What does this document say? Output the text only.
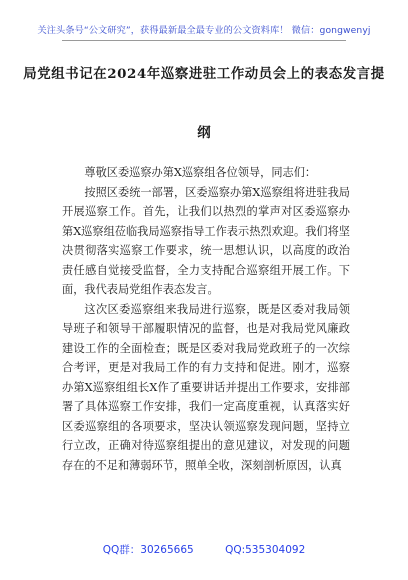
关注头条号“公文研究”，获得最新最全最专业的公文资料库！ 微信：gongwenyj
局党组书记在2024年巡察进驻工作动员会上的表态发言提
纲

尊敬区委巡察办第X巡察组各位领导，同志们：

按照区委统一部署，区委巡察办第X巡察组将进驻我局开展巡察工作。首先，让我们以热烈的掌声对区委巡察办第X巡察组莅临我局巡察指导工作表示热烈欢迎。我们将坚决贯彻落实巡察工作要求，统一思想认识，以高度的政治责任感自觉接受监督，全力支持配合巡察组开展工作。下面，我代表局党组作表态发言。

这次区委巡察组来我局进行巡察，既是区委对我局领导班子和领导干部履职情况的监督，也是对我局党风廉政建设工作的全面检查；既是区委对我局党政班子的一次综合考评，更是对我局工作的有力支持和促进。刚才，巡察办第X巡察组组长X作了重要讲话并提出工作要求，安排部署了具体巡察工作安排，我们一定高度重视，认真落实好区委巡察组的各项要求，坚决认领巡察发现问题，坚持立行立改，正确对待巡察组提出的意见建议，对发现的问题存在的不足和薄弱环节，照单全收，深刻剖析原因，认真

QQ群：30265665	QQ:535304092
